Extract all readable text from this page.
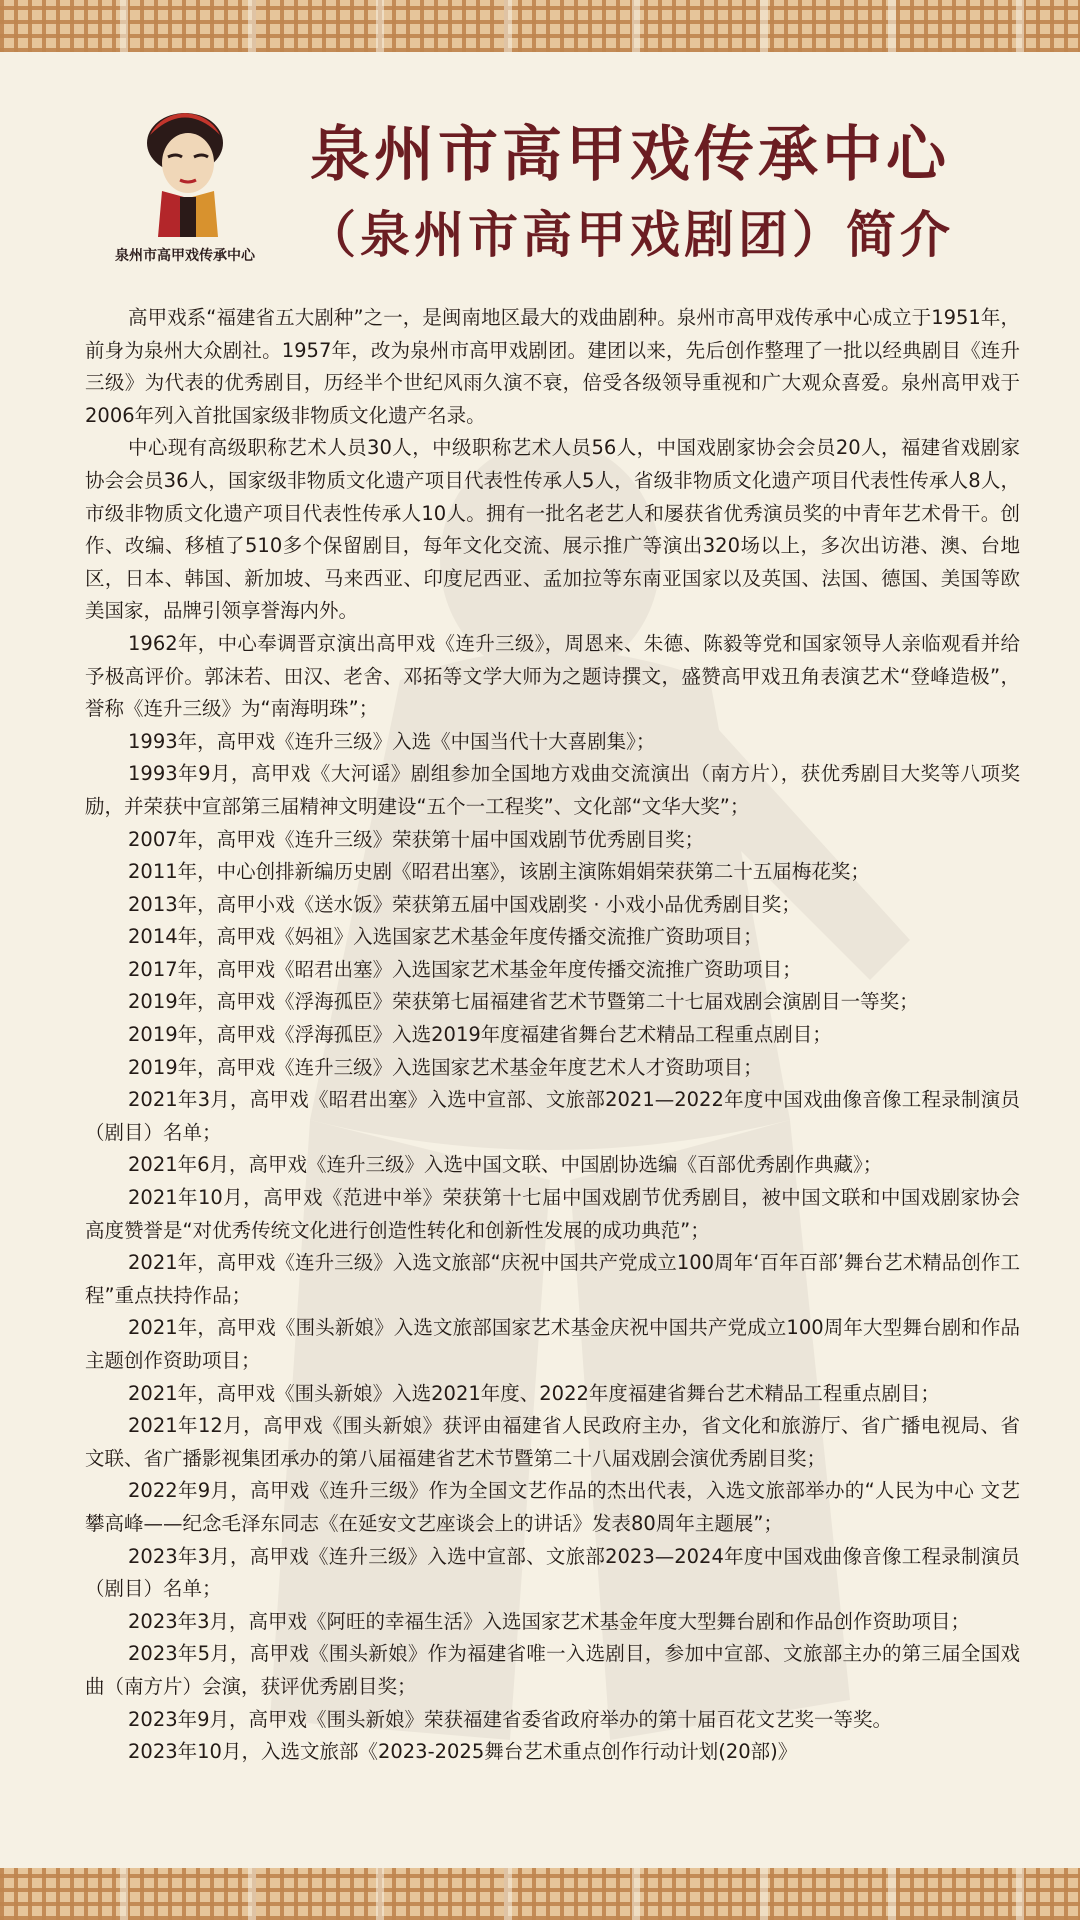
泉州市高甲戏传承中心
泉州市高甲戏传承中心
（泉州市高甲戏剧团）简介

高甲戏系“福建省五大剧种”之一，是闽南地区最大的戏曲剧种。泉州市高甲戏传承中心成立于1951年，前身为泉州大众剧社。1957年，改为泉州市高甲戏剧团。建团以来，先后创作整理了一批以经典剧目《连升三级》为代表的优秀剧目，历经半个世纪风雨久演不衰，倍受各级领导重视和广大观众喜爱。泉州高甲戏于2006年列入首批国家级非物质文化遗产名录。

中心现有高级职称艺术人员30人，中级职称艺术人员56人，中国戏剧家协会会员20人，福建省戏剧家协会会员36人，国家级非物质文化遗产项目代表性传承人5人，省级非物质文化遗产项目代表性传承人8人，市级非物质文化遗产项目代表性传承人10人。拥有一批名老艺人和屡获省优秀演员奖的中青年艺术骨干。创作、改编、移植了510多个保留剧目，每年文化交流、展示推广等演出320场以上，多次出访港、澳、台地区，日本、韩国、新加坡、马来西亚、印度尼西亚、孟加拉等东南亚国家以及英国、法国、德国、美国等欧美国家，品牌引领享誉海内外。

1962年，中心奉调晋京演出高甲戏《连升三级》，周恩来、朱德、陈毅等党和国家领导人亲临观看并给予极高评价。郭沫若、田汉、老舍、邓拓等文学大师为之题诗撰文，盛赞高甲戏丑角表演艺术“登峰造极”，誉称《连升三级》为“南海明珠”；

1993年，高甲戏《连升三级》入选《中国当代十大喜剧集》；

1993年9月，高甲戏《大河谣》剧组参加全国地方戏曲交流演出（南方片），获优秀剧目大奖等八项奖励，并荣获中宣部第三届精神文明建设“五个一工程奖”、文化部“文华大奖”；

2007年，高甲戏《连升三级》荣获第十届中国戏剧节优秀剧目奖；

2011年，中心创排新编历史剧《昭君出塞》，该剧主演陈娟娟荣获第二十五届梅花奖；

2013年，高甲小戏《送水饭》荣获第五届中国戏剧奖 · 小戏小品优秀剧目奖；

2014年，高甲戏《妈祖》入选国家艺术基金年度传播交流推广资助项目；

2017年，高甲戏《昭君出塞》入选国家艺术基金年度传播交流推广资助项目；

2019年，高甲戏《浮海孤臣》荣获第七届福建省艺术节暨第二十七届戏剧会演剧目一等奖；

2019年，高甲戏《浮海孤臣》入选2019年度福建省舞台艺术精品工程重点剧目；

2019年，高甲戏《连升三级》入选国家艺术基金年度艺术人才资助项目；

2021年3月，高甲戏《昭君出塞》入选中宣部、文旅部2021—2022年度中国戏曲像音像工程录制演员（剧目）名单；

2021年6月，高甲戏《连升三级》入选中国文联、中国剧协选编《百部优秀剧作典藏》；

2021年10月，高甲戏《范进中举》荣获第十七届中国戏剧节优秀剧目，被中国文联和中国戏剧家协会高度赞誉是“对优秀传统文化进行创造性转化和创新性发展的成功典范”；

2021年，高甲戏《连升三级》入选文旅部“庆祝中国共产党成立100周年‘百年百部’舞台艺术精品创作工程”重点扶持作品；

2021年，高甲戏《围头新娘》入选文旅部国家艺术基金庆祝中国共产党成立100周年大型舞台剧和作品主题创作资助项目；

2021年，高甲戏《围头新娘》入选2021年度、2022年度福建省舞台艺术精品工程重点剧目；

2021年12月，高甲戏《围头新娘》获评由福建省人民政府主办，省文化和旅游厅、省广播电视局、省文联、省广播影视集团承办的第八届福建省艺术节暨第二十八届戏剧会演优秀剧目奖；

2022年9月，高甲戏《连升三级》作为全国文艺作品的杰出代表，入选文旅部举办的“人民为中心 文艺攀高峰——纪念毛泽东同志《在延安文艺座谈会上的讲话》发表80周年主题展”；

2023年3月，高甲戏《连升三级》入选中宣部、文旅部2023—2024年度中国戏曲像音像工程录制演员（剧目）名单；

2023年3月，高甲戏《阿旺的幸福生活》入选国家艺术基金年度大型舞台剧和作品创作资助项目；

2023年5月，高甲戏《围头新娘》作为福建省唯一入选剧目，参加中宣部、文旅部主办的第三届全国戏曲（南方片）会演，获评优秀剧目奖；

2023年9月，高甲戏《围头新娘》荣获福建省委省政府举办的第十届百花文艺奖一等奖。

2023年10月，入选文旅部《2023-2025舞台艺术重点创作行动计划(20部)》
